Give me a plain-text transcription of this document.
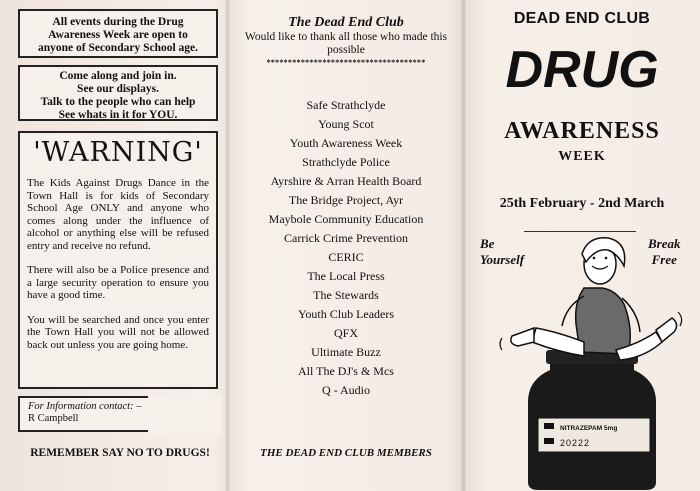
All events during the Drug
Awareness Week are open to
anyone of Secondary School age.
Come along and join in.
See our displays.
Talk to the people who can help
See whats in it for YOU.
'WARNING'

The Kids Against Drugs Dance in the Town Hall is for kids of Secondary School Age ONLY and anyone who comes along under the influence of alcohol or anything else will be refused entry and receive no refund.

There will also be a Police presence and a large security operation to ensure you have a good time.

You will be searched and once you enter the Town Hall you will not be allowed back out unless you are going home.

For Information contact: –
R Campbell
REMEMBER SAY NO TO DRUGS!
The Dead End Club
Would like to thank all those who made this possible
*************************************
Safe Strathclyde
Young Scot
Youth Awareness Week
Strathclyde Police
Ayrshire & Arran Health Board
The Bridge Project, Ayr
Maybole Community Education
Carrick Crime Prevention
CERIC
The Local Press
The Stewards
Youth Club Leaders
QFX
Ultimate Buzz
All The DJ's & Mcs
Q - Audio
THE DEAD END CLUB MEMBERS
DEAD END CLUB
DRUG
AWARENESS
WEEK
25th February - 2nd March
NITRAZEPAM 5mg
20222
Be
Yourself
Break
Free
